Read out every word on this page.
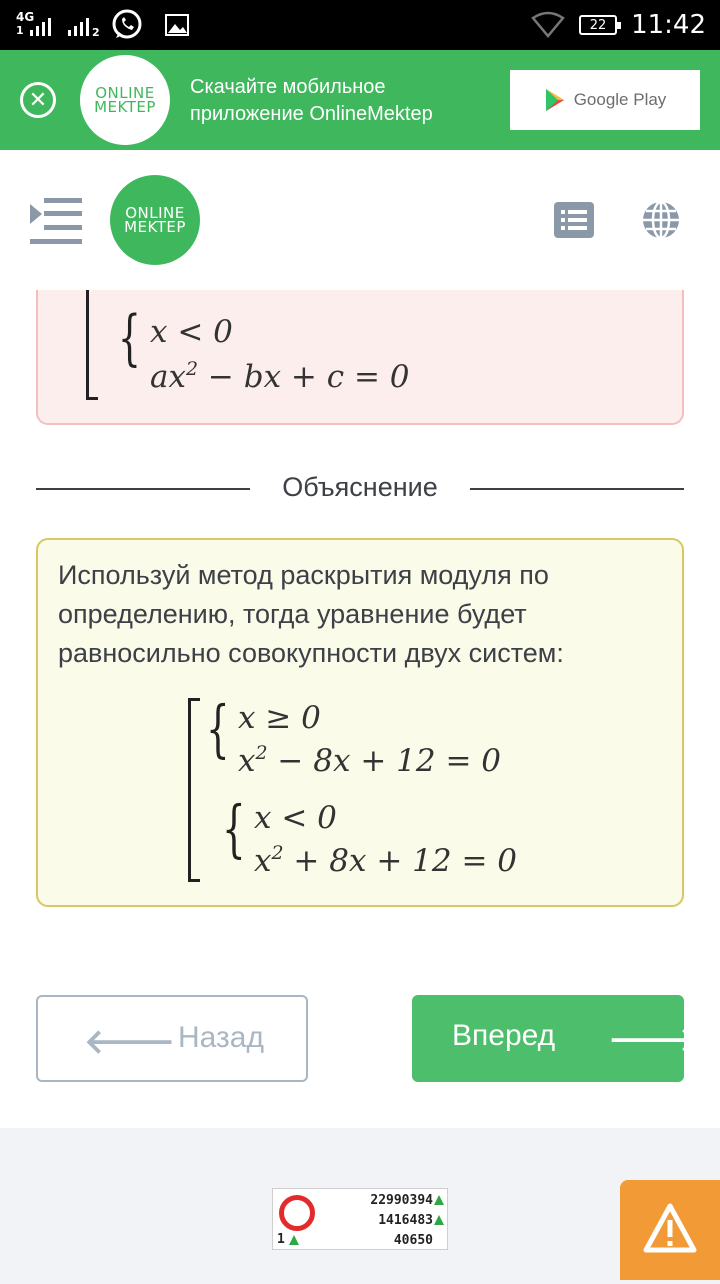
4G
1	2	22 11:42
✕	ONLINE
MEKTEP
Скачайте мобильное приложение OnlineMektep
Google Play
ONLINE
MEKTEP
{ x < 0
$ax^2$ − bx + c = 0
Объяснение
Используй метод раскрытия модуля по определению, тогда уравнение будет равносильно совокупности двух систем:
{ x ≥ 0
$x^2 - 8x + 12 = 0$
{ x < 0
$x^2 + 8x + 12 = 0$
🡐 Назад	Вперед 🡒
22990394
1416483
40650
1
